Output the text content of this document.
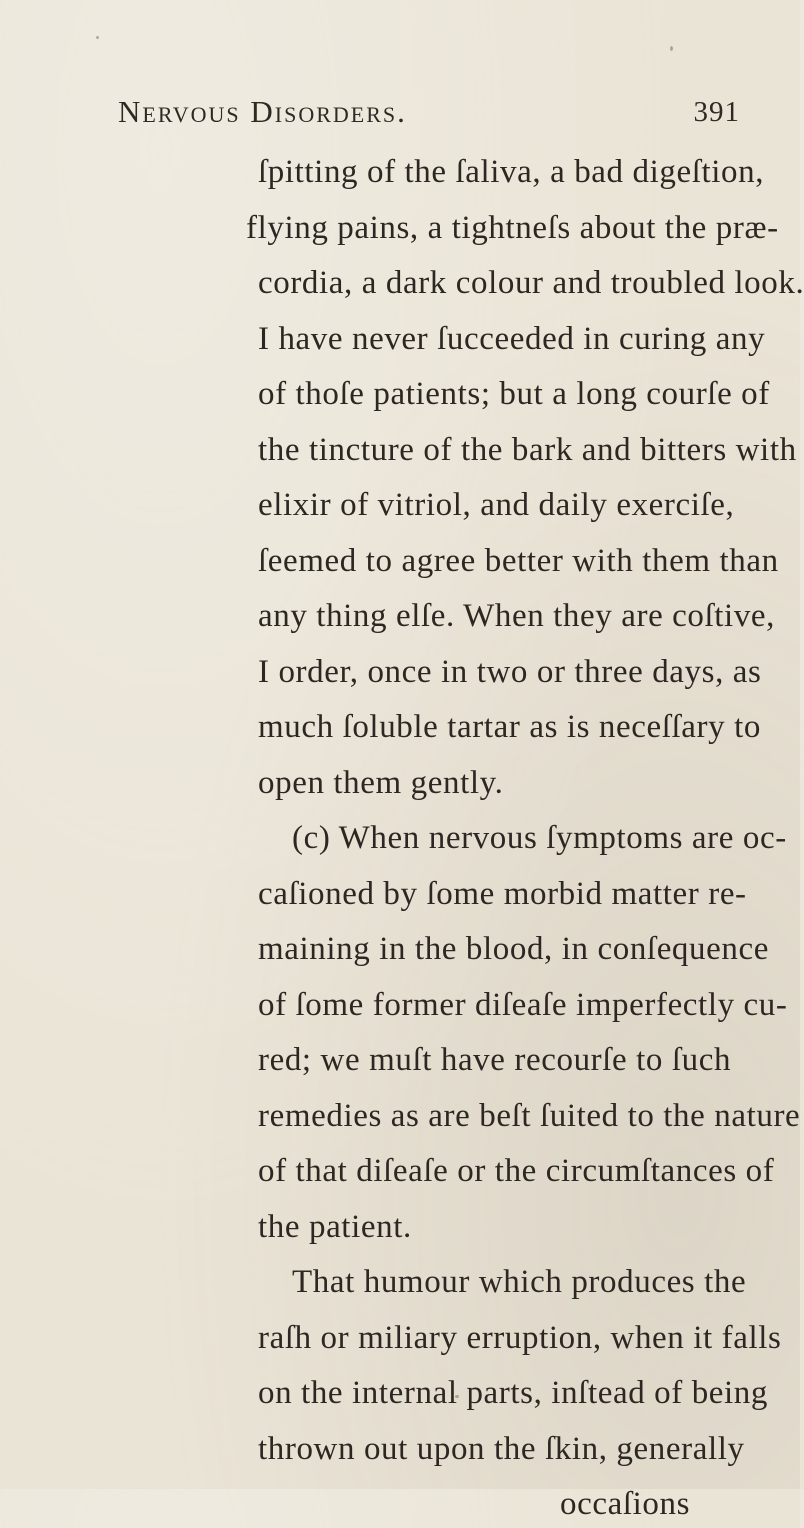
Nervous Disorders.	391
ſpitting of the ſaliva, a bad digeſtion,
flying pains, a tightneſs about the præ-
cordia, a dark colour and troubled look.
I have never ſucceeded in curing any
of thoſe patients; but a long courſe of
the tincture of the bark and bitters with
elixir of vitriol, and daily exerciſe,
ſeemed to agree better with them than
any thing elſe. When they are coſtive,
I order, once in two or three days, as
much ſoluble tartar as is neceſſary to
open them gently.
(c) When nervous ſymptoms are oc-
caſioned by ſome morbid matter re-
maining in the blood, in conſequence
of ſome former diſeaſe imperfectly cu-
red; we muſt have recourſe to ſuch
remedies as are beſt ſuited to the nature
of that diſeaſe or the circumſtances of
the patient.
That humour which produces the
raſh or miliary erruption, when it falls
on the internal parts, inſtead of being
thrown out upon the ſkin, generally
occaſions
